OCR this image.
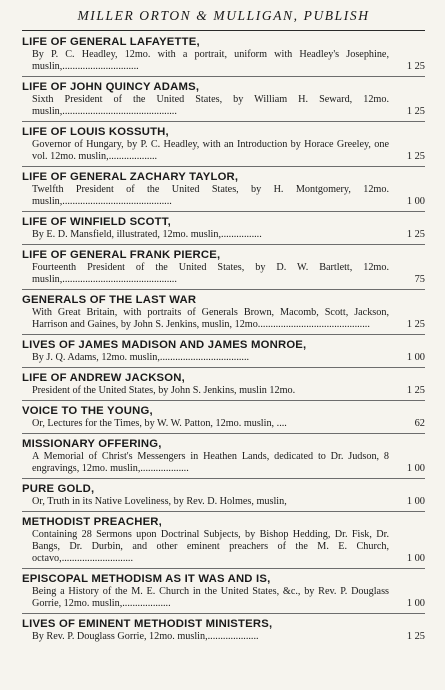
MILLER ORTON & MULLIGAN, PUBLISH
LIFE OF GENERAL LAFAYETTE,
By P. C. Headley, 12mo. with a portrait, uniform with Headley's Josephine, muslin,..............................	1 25
LIFE OF JOHN QUINCY ADAMS,
Sixth President of the United States, by William H. Seward, 12mo. muslin,.............................................	1 25
LIFE OF LOUIS KOSSUTH,
Governor of Hungary, by P. C. Headley, with an Introduction by Horace Greeley, one vol. 12mo. muslin,...................	1 25
LIFE OF GENERAL ZACHARY TAYLOR,
Twelfth President of the United States, by H. Montgomery, 12mo. muslin,...........................................	1 00
LIFE OF WINFIELD SCOTT,
By E. D. Mansfield, illustrated, 12mo. muslin,................	1 25
LIFE OF GENERAL FRANK PIERCE,
Fourteenth President of the United States, by D. W. Bartlett, 12mo. muslin,.............................................	75
GENERALS OF THE LAST WAR
With Great Britain, with portraits of Generals Brown, Macomb, Scott, Jackson, Harrison and Gaines, by John S. Jenkins, muslin, 12mo............................................	1 25
LIVES OF JAMES MADISON AND JAMES MONROE,
By J. Q. Adams, 12mo. muslin,...................................	1 00
LIFE OF ANDREW JACKSON,
President of the United States, by John S. Jenkins, muslin 12mo.	1 25
VOICE TO THE YOUNG,
Or, Lectures for the Times, by W. W. Patton, 12mo. muslin, ....	62
MISSIONARY OFFERING,
A Memorial of Christ's Messengers in Heathen Lands, dedicated to Dr. Judson, 8 engravings, 12mo. muslin,...................	1 00
PURE GOLD,
Or, Truth in its Native Loveliness, by Rev. D. Holmes, muslin,	1 00
METHODIST PREACHER,
Containing 28 Sermons upon Doctrinal Subjects, by Bishop Hedding, Dr. Fisk, Dr. Bangs, Dr. Durbin, and other eminent preachers of the M. E. Church, octavo,............................	1 00
EPISCOPAL METHODISM AS IT WAS AND IS,
Being a History of the M. E. Church in the United States, &c., by Rev. P. Douglass Gorrie, 12mo. muslin,...................	1 00
LIVES OF EMINENT METHODIST MINISTERS,
By Rev. P. Douglass Gorrie, 12mo. muslin,....................	1 25
